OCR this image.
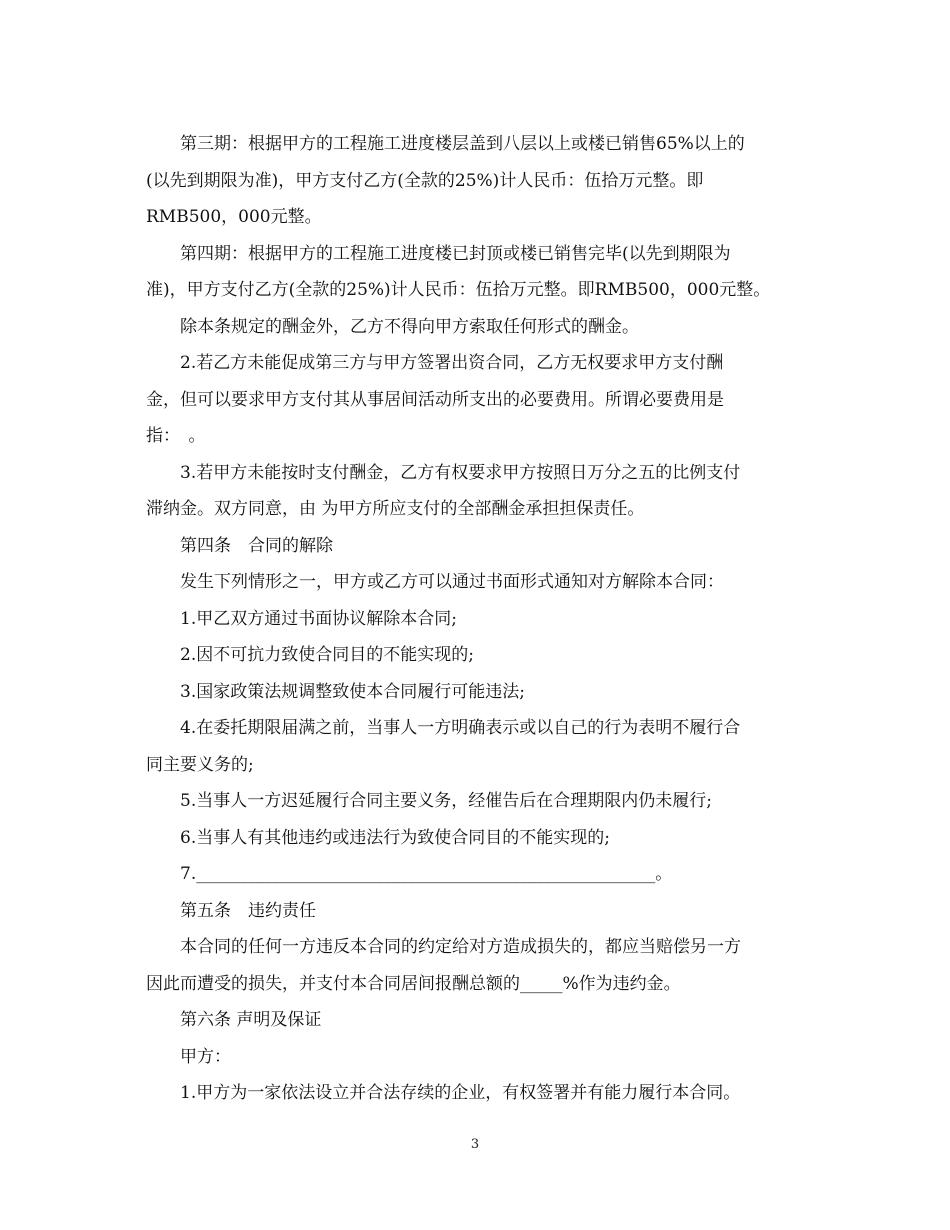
第三期：根据甲方的工程施工进度楼层盖到八层以上或楼已销售65%以上的
(以先到期限为准)，甲方支付乙方(全款的25%)计人民币：伍拾万元整。即
RMB500，000元整。

第四期：根据甲方的工程施工进度楼已封顶或楼已销售完毕(以先到期限为
准)，甲方支付乙方(全款的25%)计人民币：伍拾万元整。即RMB500，000元整。

除本条规定的酬金外，乙方不得向甲方索取任何形式的酬金。

2.若乙方未能促成第三方与甲方签署出资合同，乙方无权要求甲方支付酬
金，但可以要求甲方支付其从事居间活动所支出的必要费用。所谓必要费用是
指：　。

3.若甲方未能按时支付酬金，乙方有权要求甲方按照日万分之五的比例支付
滞纳金。双方同意，由 为甲方所应支付的全部酬金承担担保责任。

第四条　合同的解除

发生下列情形之一，甲方或乙方可以通过书面形式通知对方解除本合同：

1.甲乙双方通过书面协议解除本合同;

2.因不可抗力致使合同目的不能实现的;

3.国家政策法规调整致使本合同履行可能违法;

4.在委托期限届满之前，当事人一方明确表示或以自己的行为表明不履行合
同主要义务的;

5.当事人一方迟延履行合同主要义务，经催告后在合理期限内仍未履行;

6.当事人有其他违约或违法行为致使合同目的不能实现的;

7.______________________________________________________。

第五条　违约责任

本合同的任何一方违反本合同的约定给对方造成损失的，都应当赔偿另一方
因此而遭受的损失，并支付本合同居间报酬总额的_____%作为违约金。

第六条 声明及保证

甲方：

1.甲方为一家依法设立并合法存续的企业，有权签署并有能力履行本合同。

3
